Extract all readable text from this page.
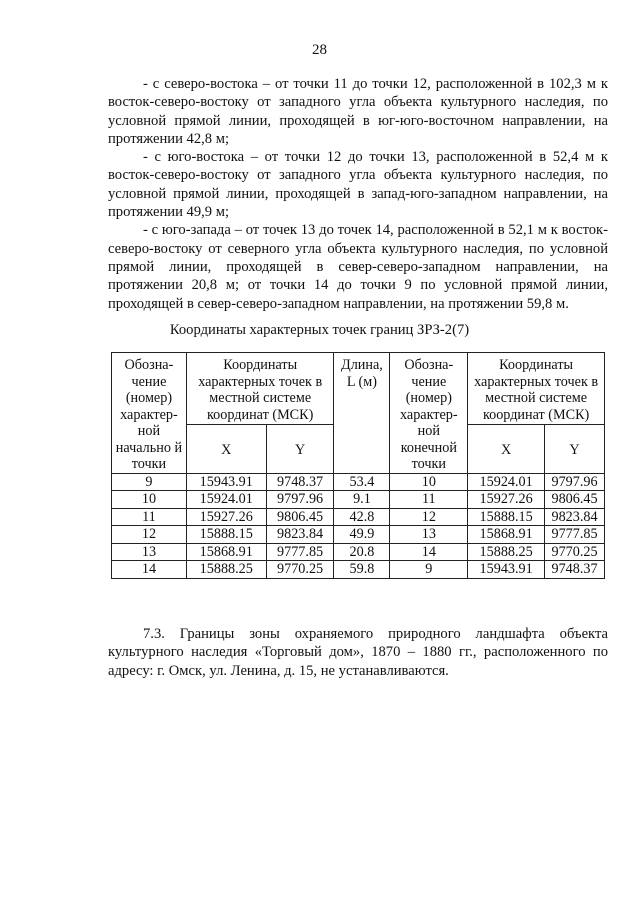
28

- с северо-востока – от точки 11 до точки 12, расположенной в 102,3 м к восток-северо-востоку от западного угла объекта культурного наследия, по условной прямой линии, проходящей в юг-юго-восточном направлении, на протяжении 42,8 м;

- с юго-востока – от точки 12 до точки 13, расположенной в 52,4 м к восток-северо-востоку от западного угла объекта культурного наследия, по условной прямой линии, проходящей в запад-юго-западном направлении, на протяжении 49,9 м;

- с юго-запада – от точек 13 до точек 14, расположенной в 52,1 м к восток-северо-востоку от северного угла объекта культурного наследия, по условной прямой линии, проходящей в север-северо-западном направлении, на протяжении 20,8 м; от точки 14 до точки 9 по условной прямой линии, проходящей в север-северо-западном направлении, на протяжении 59,8 м.

Координаты характерных точек границ ЗРЗ-2(7)
Обозна-чение (номер) характер-ной начально й точки	Координаты характерных точек в местной системе координат (МСК)		Длина, L (м)	Обозна-чение (номер) характер-ной конечной точки	Координаты характерных точек в местной системе координат (МСК)	
	X	Y			X	Y
9	15943.91	9748.37	53.4	10	15924.01	9797.96
10	15924.01	9797.96	9.1	11	15927.26	9806.45
11	15927.26	9806.45	42.8	12	15888.15	9823.84
12	15888.15	9823.84	49.9	13	15868.91	9777.85
13	15868.91	9777.85	20.8	14	15888.25	9770.25
14	15888.25	9770.25	59.8	9	15943.91	9748.37

7.3. Границы зоны охраняемого природного ландшафта объекта культурного наследия «Торговый дом», 1870 – 1880 гг., расположенного по адресу: г. Омск, ул. Ленина, д. 15, не устанавливаются.
